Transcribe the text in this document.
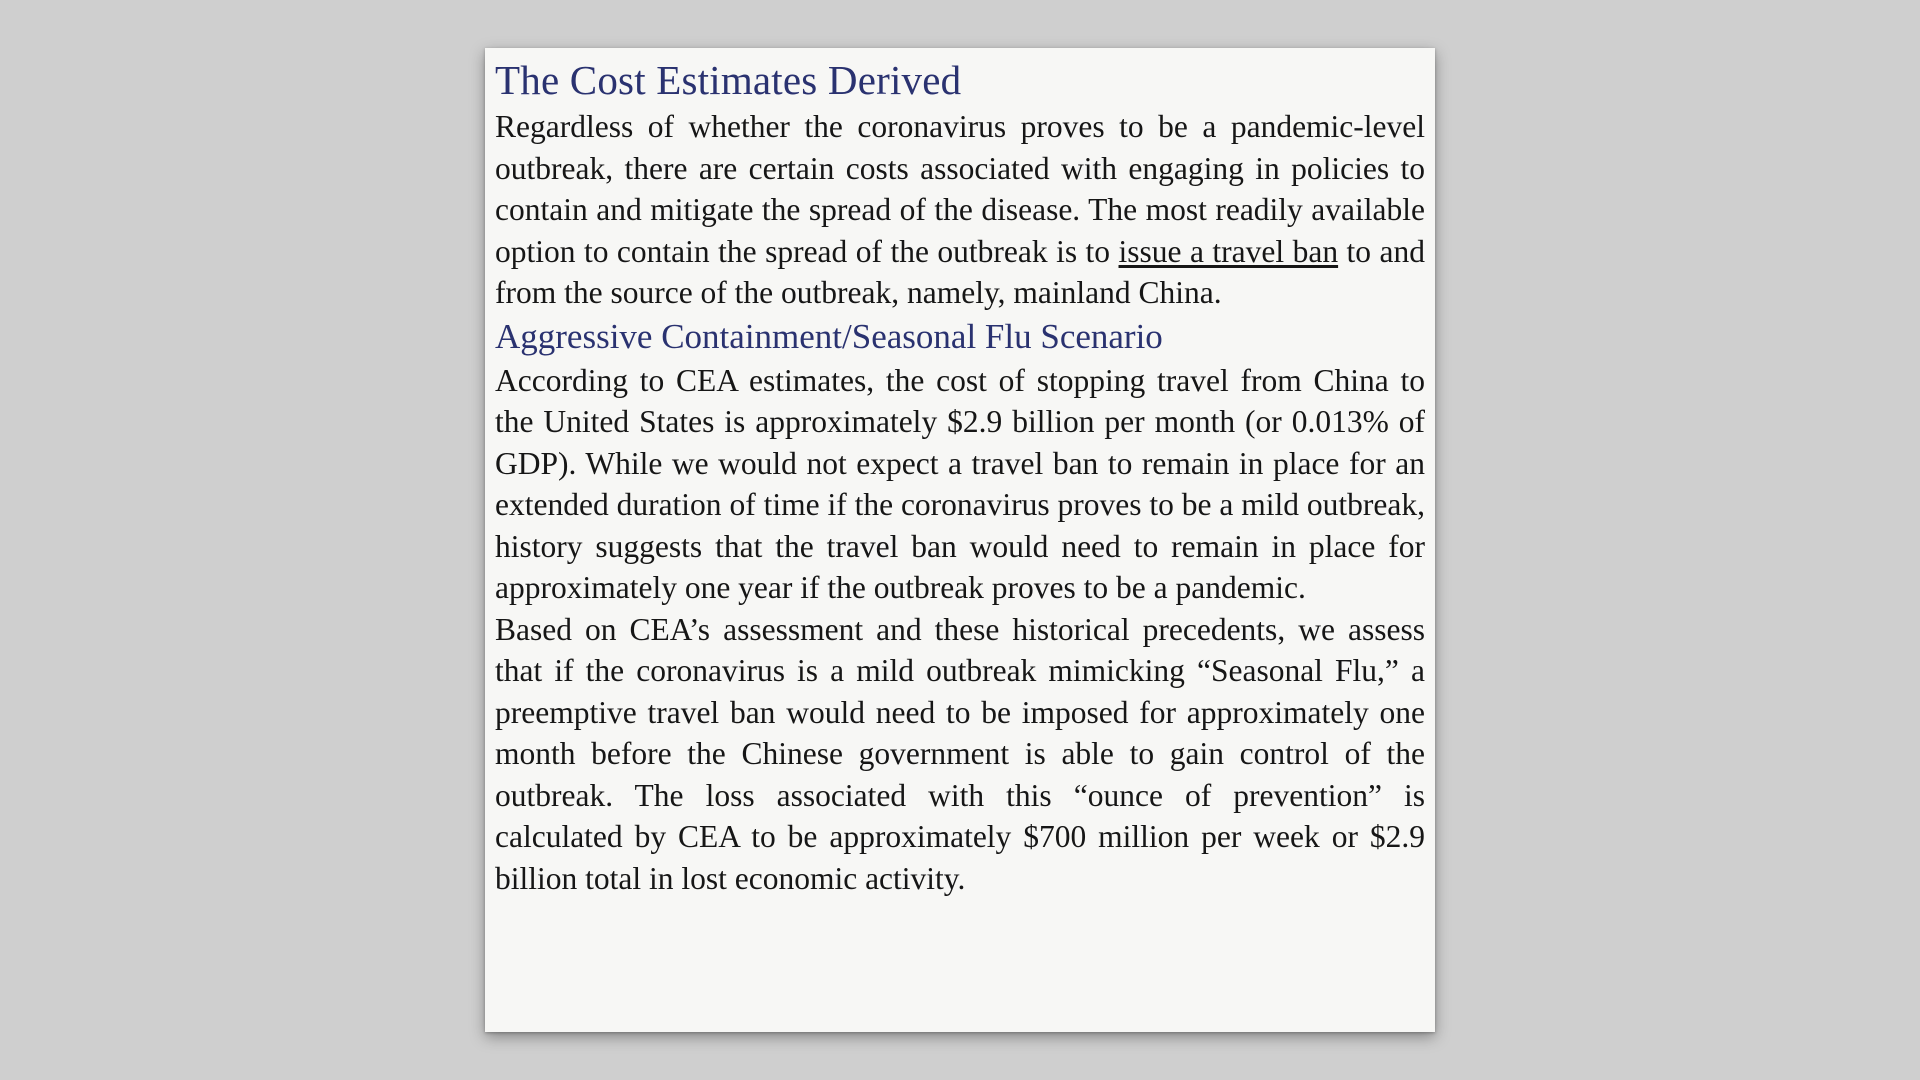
The Cost Estimates Derived

Regardless of whether the coronavirus proves to be a pandemic-level outbreak, there are certain costs associated with engaging in policies to contain and mitigate the spread of the disease. The most readily available option to contain the spread of the outbreak is to issue a travel ban to and from the source of the outbreak, namely, mainland China.

Aggressive Containment/Seasonal Flu Scenario

According to CEA estimates, the cost of stopping travel from China to the United States is approximately $2.9 billion per month (or 0.013% of GDP). While we would not expect a travel ban to remain in place for an extended duration of time if the coronavirus proves to be a mild outbreak, history suggests that the travel ban would need to remain in place for approximately one year if the outbreak proves to be a pandemic.

Based on CEA’s assessment and these historical precedents, we assess that if the coronavirus is a mild outbreak mimicking “Seasonal Flu,” a preemptive travel ban would need to be imposed for approximately one month before the Chinese government is able to gain control of the outbreak. The loss associated with this “ounce of prevention” is calculated by CEA to be approximately $700 million per week or $2.9 billion total in lost economic activity.
